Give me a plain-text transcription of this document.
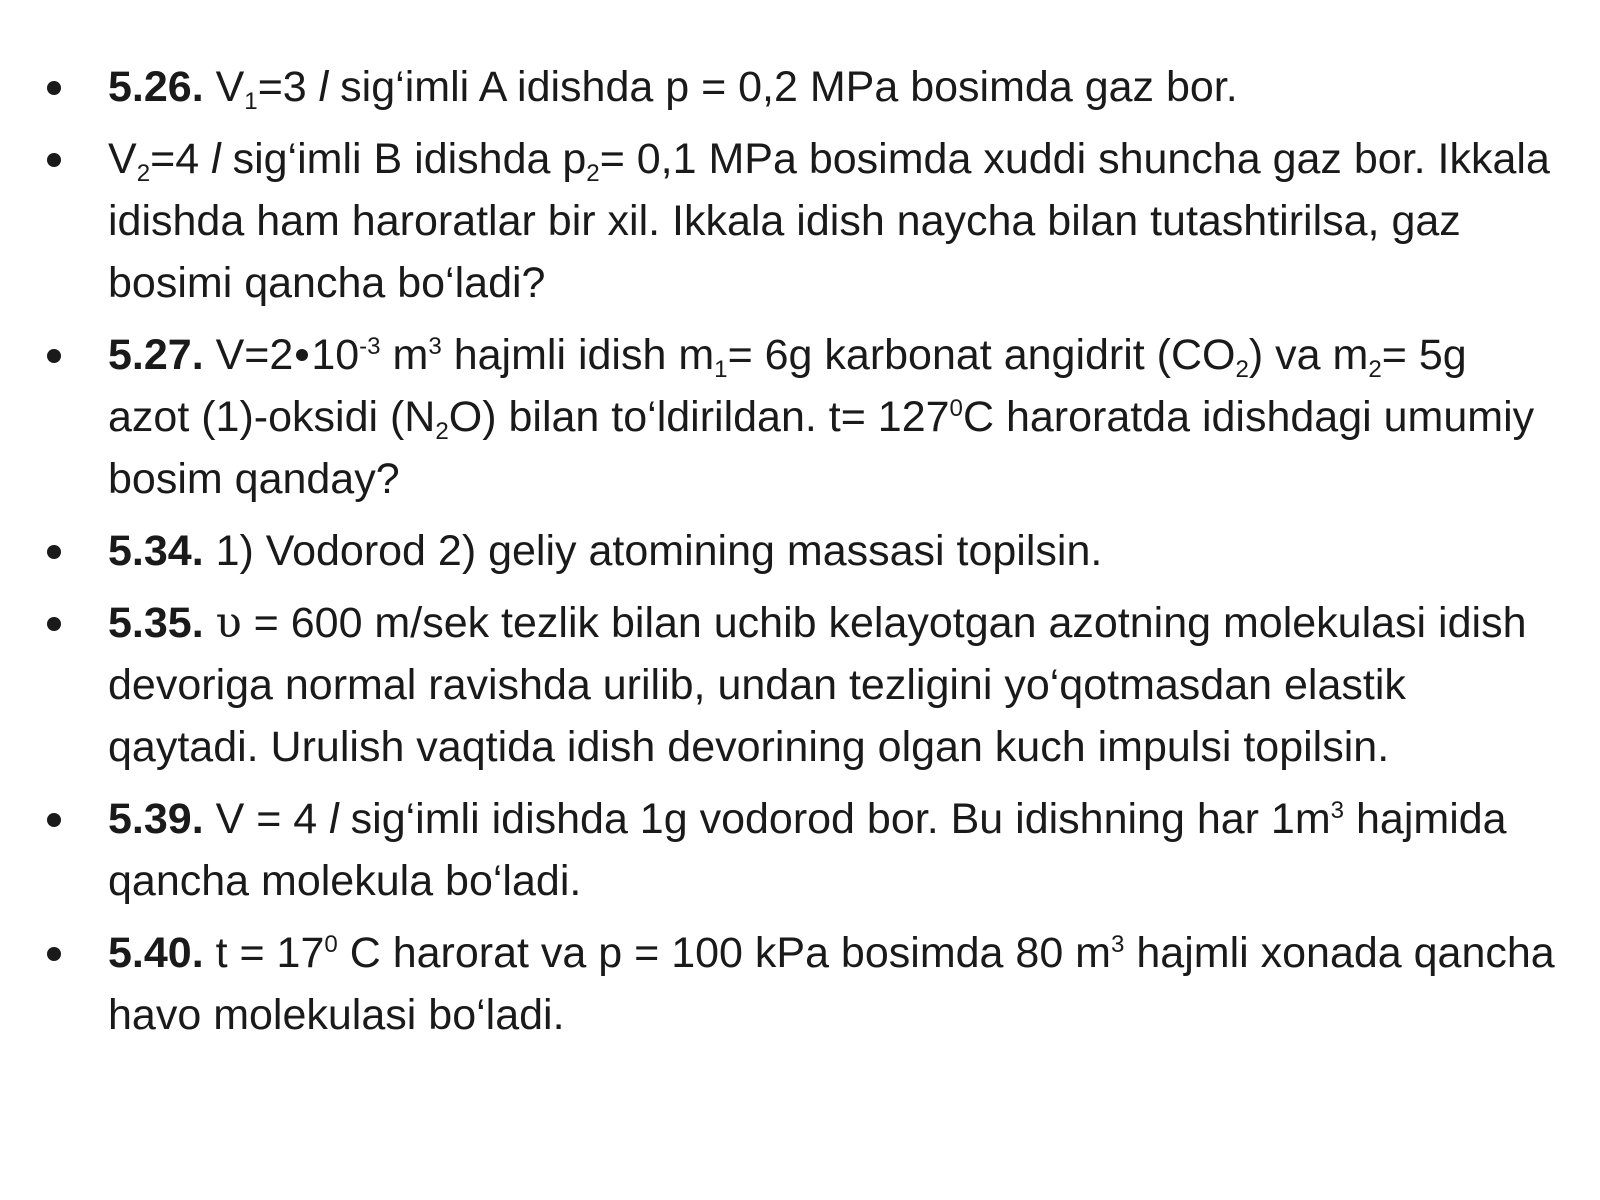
5.26. $V_1=3$ l sig‘imli A idishda p = 0,2 MPa bosimda gaz bor.
$V_2=4$ l sig‘imli B idishda $p_2= 0,1$ MPa bosimda xuddi shuncha gaz bor. Ikkala idishda ham haroratlar bir xil. Ikkala idish naycha bilan tutashtirilsa, gaz bosimi qancha bo‘ladi?
5.27. V=2 $10^{-3}$ $m^3$ hajmli idish $m_1= 6g$ karbonat angidrit $(CO_2)$ va $m_2= 5g$ azot (1)-oksidi $(N_2O)$ bilan to‘ldirildan. $t= 127^0C$ haroratda idishdagi umumiy bosim qanday?
5.34. 1) Vodorod 2) geliy atomining massasi topilsin.
5.35. υ = 600 m/sek tezlik bilan uchib kelayotgan azotning molekulasi idish devoriga normal ravishda urilib, undan tezligini yo‘qotmasdan elastik qaytadi. Urulish vaqtida idish devorining olgan kuch impulsi topilsin.
5.39. V = 4 l sig‘imli idishda 1g vodorod bor. Bu idishning har $1m^3$ hajmida qancha molekula bo‘ladi.
5.40. $t = 17^0$ C harorat va p = 100 kPa bosimda 80 $m^3$ hajmli xonada qancha havo molekulasi bo‘ladi.
